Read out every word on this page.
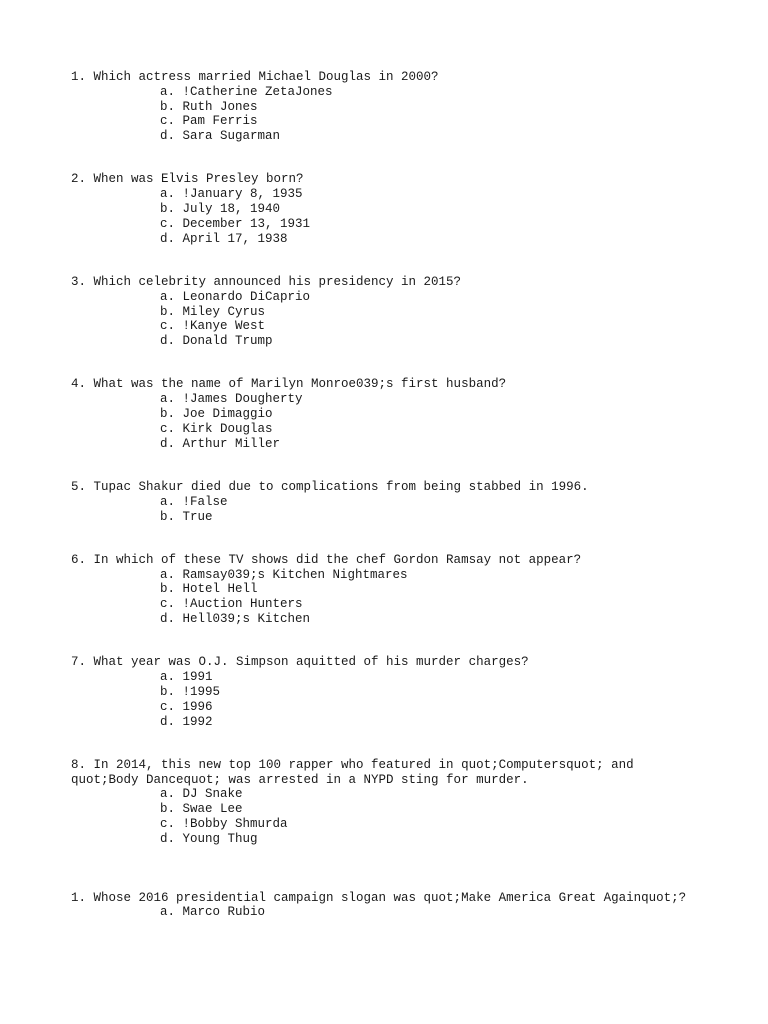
1. Which actress married Michael Douglas in 2000?
a. !Catherine ZetaJones
b. Ruth Jones
c. Pam Ferris
d. Sara Sugarman
2. When was Elvis Presley born?
a. !January 8, 1935
b. July 18, 1940
c. December 13, 1931
d. April 17, 1938
3. Which celebrity announced his presidency in 2015?
a. Leonardo DiCaprio
b. Miley Cyrus
c. !Kanye West
d. Donald Trump
4. What was the name of Marilyn Monroe039;s first husband?
a. !James Dougherty
b. Joe Dimaggio
c. Kirk Douglas
d. Arthur Miller
5. Tupac Shakur died due to complications from being stabbed in 1996.
a. !False
b. True
6. In which of these TV shows did the chef Gordon Ramsay not appear?
a. Ramsay039;s Kitchen Nightmares
b. Hotel Hell
c. !Auction Hunters
d. Hell039;s Kitchen
7. What year was O.J. Simpson aquitted of his murder charges?
a. 1991
b. !1995
c. 1996
d. 1992
8. In 2014, this new top 100 rapper who featured in quot;Computersquot; and
quot;Body Dancequot; was arrested in a NYPD sting for murder.
a. DJ Snake
b. Swae Lee
c. !Bobby Shmurda
d. Young Thug
1. Whose 2016 presidential campaign slogan was quot;Make America Great Againquot;?
a. Marco Rubio
